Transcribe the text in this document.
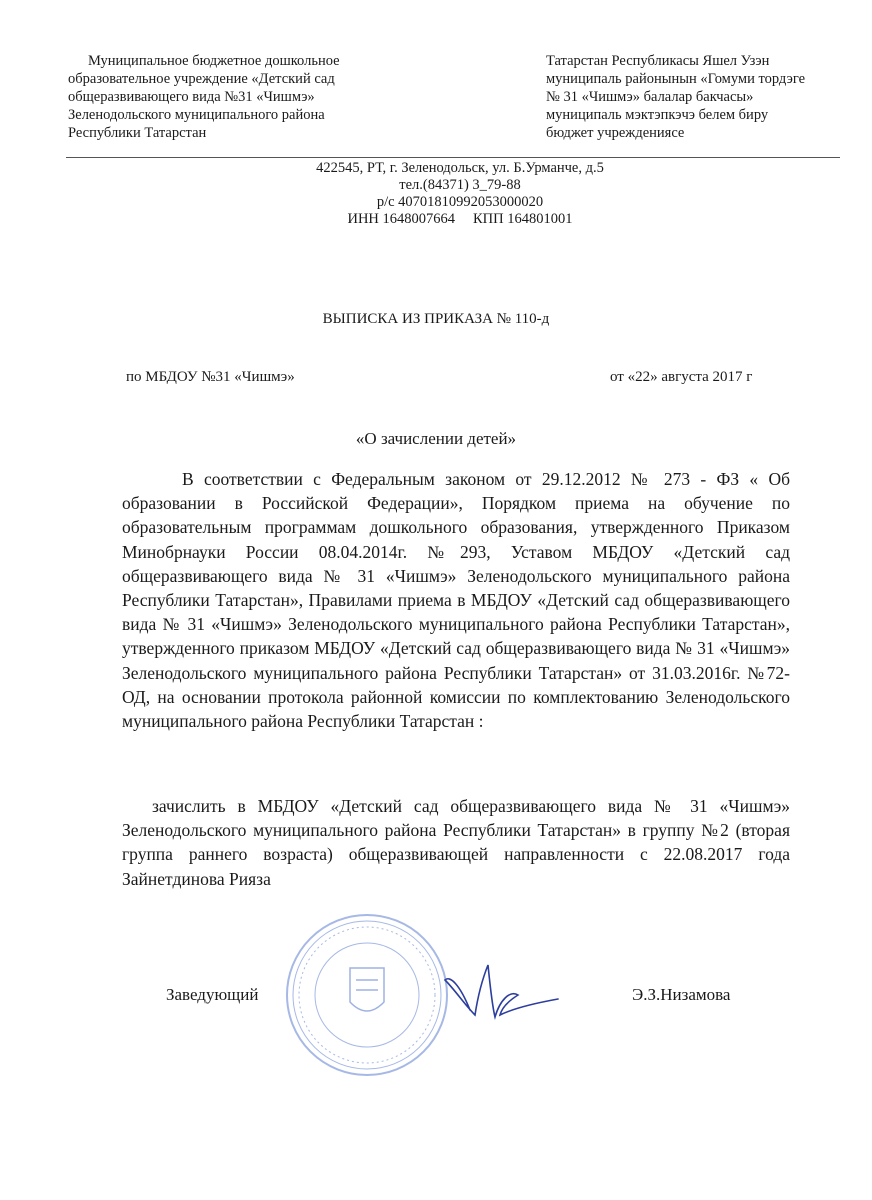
Муниципальное бюджетное дошкольное
образовательное учреждение «Детский сад
общеразвивающего вида №31 «Чишмэ»
Зеленодольского муниципального района
Республики Татарстан
Татарстан Республикасы Яшел Узэн
муниципаль районынын «Гомуми тордэге
№ 31 «Чишмэ» балалар бакчасы»
муниципаль мэктэпкэчэ белем биру
бюджет учреждениясе
422545, РТ, г. Зеленодольск, ул. Б.Урманче, д.5
тел.(84371) 3_79-88
р/с 40701810992053000020
ИНН 1648007664 КПП 164801001
ВЫПИСКА ИЗ ПРИКАЗА № 110-д
по МБДОУ №31 «Чишмэ»	от «22» августа 2017 г
«О зачислении детей»

В соответствии с Федеральным законом от 29.12.2012 № 273 - ФЗ « Об образовании в Российской Федерации», Порядком приема на обучение по образовательным программам дошкольного образования, утвержденного Приказом Минобрнауки России 08.04.2014г. №293, Уставом МБДОУ «Детский сад общеразвивающего вида № 31 «Чишмэ» Зеленодольского муниципального района Республики Татарстан», Правилами приема в МБДОУ «Детский сад общеразвивающего вида № 31 «Чишмэ» Зеленодольского муниципального района Республики Татарстан», утвержденного приказом МБДОУ «Детский сад общеразвивающего вида № 31 «Чишмэ» Зеленодольского муниципального района Республики Татарстан» от 31.03.2016г. №72-ОД, на основании протокола районной комиссии по комплектованию Зеленодольского муниципального района Республики Татарстан :

зачислить в МБДОУ «Детский сад общеразвивающего вида № 31 «Чишмэ» Зеленодольского муниципального района Республики Татарстан» в группу №2 (вторая группа раннего возраста) общеразвивающей направленности с 22.08.2017 года Зайнетдинова Рияза

Заведующий	Э.З.Низамова
